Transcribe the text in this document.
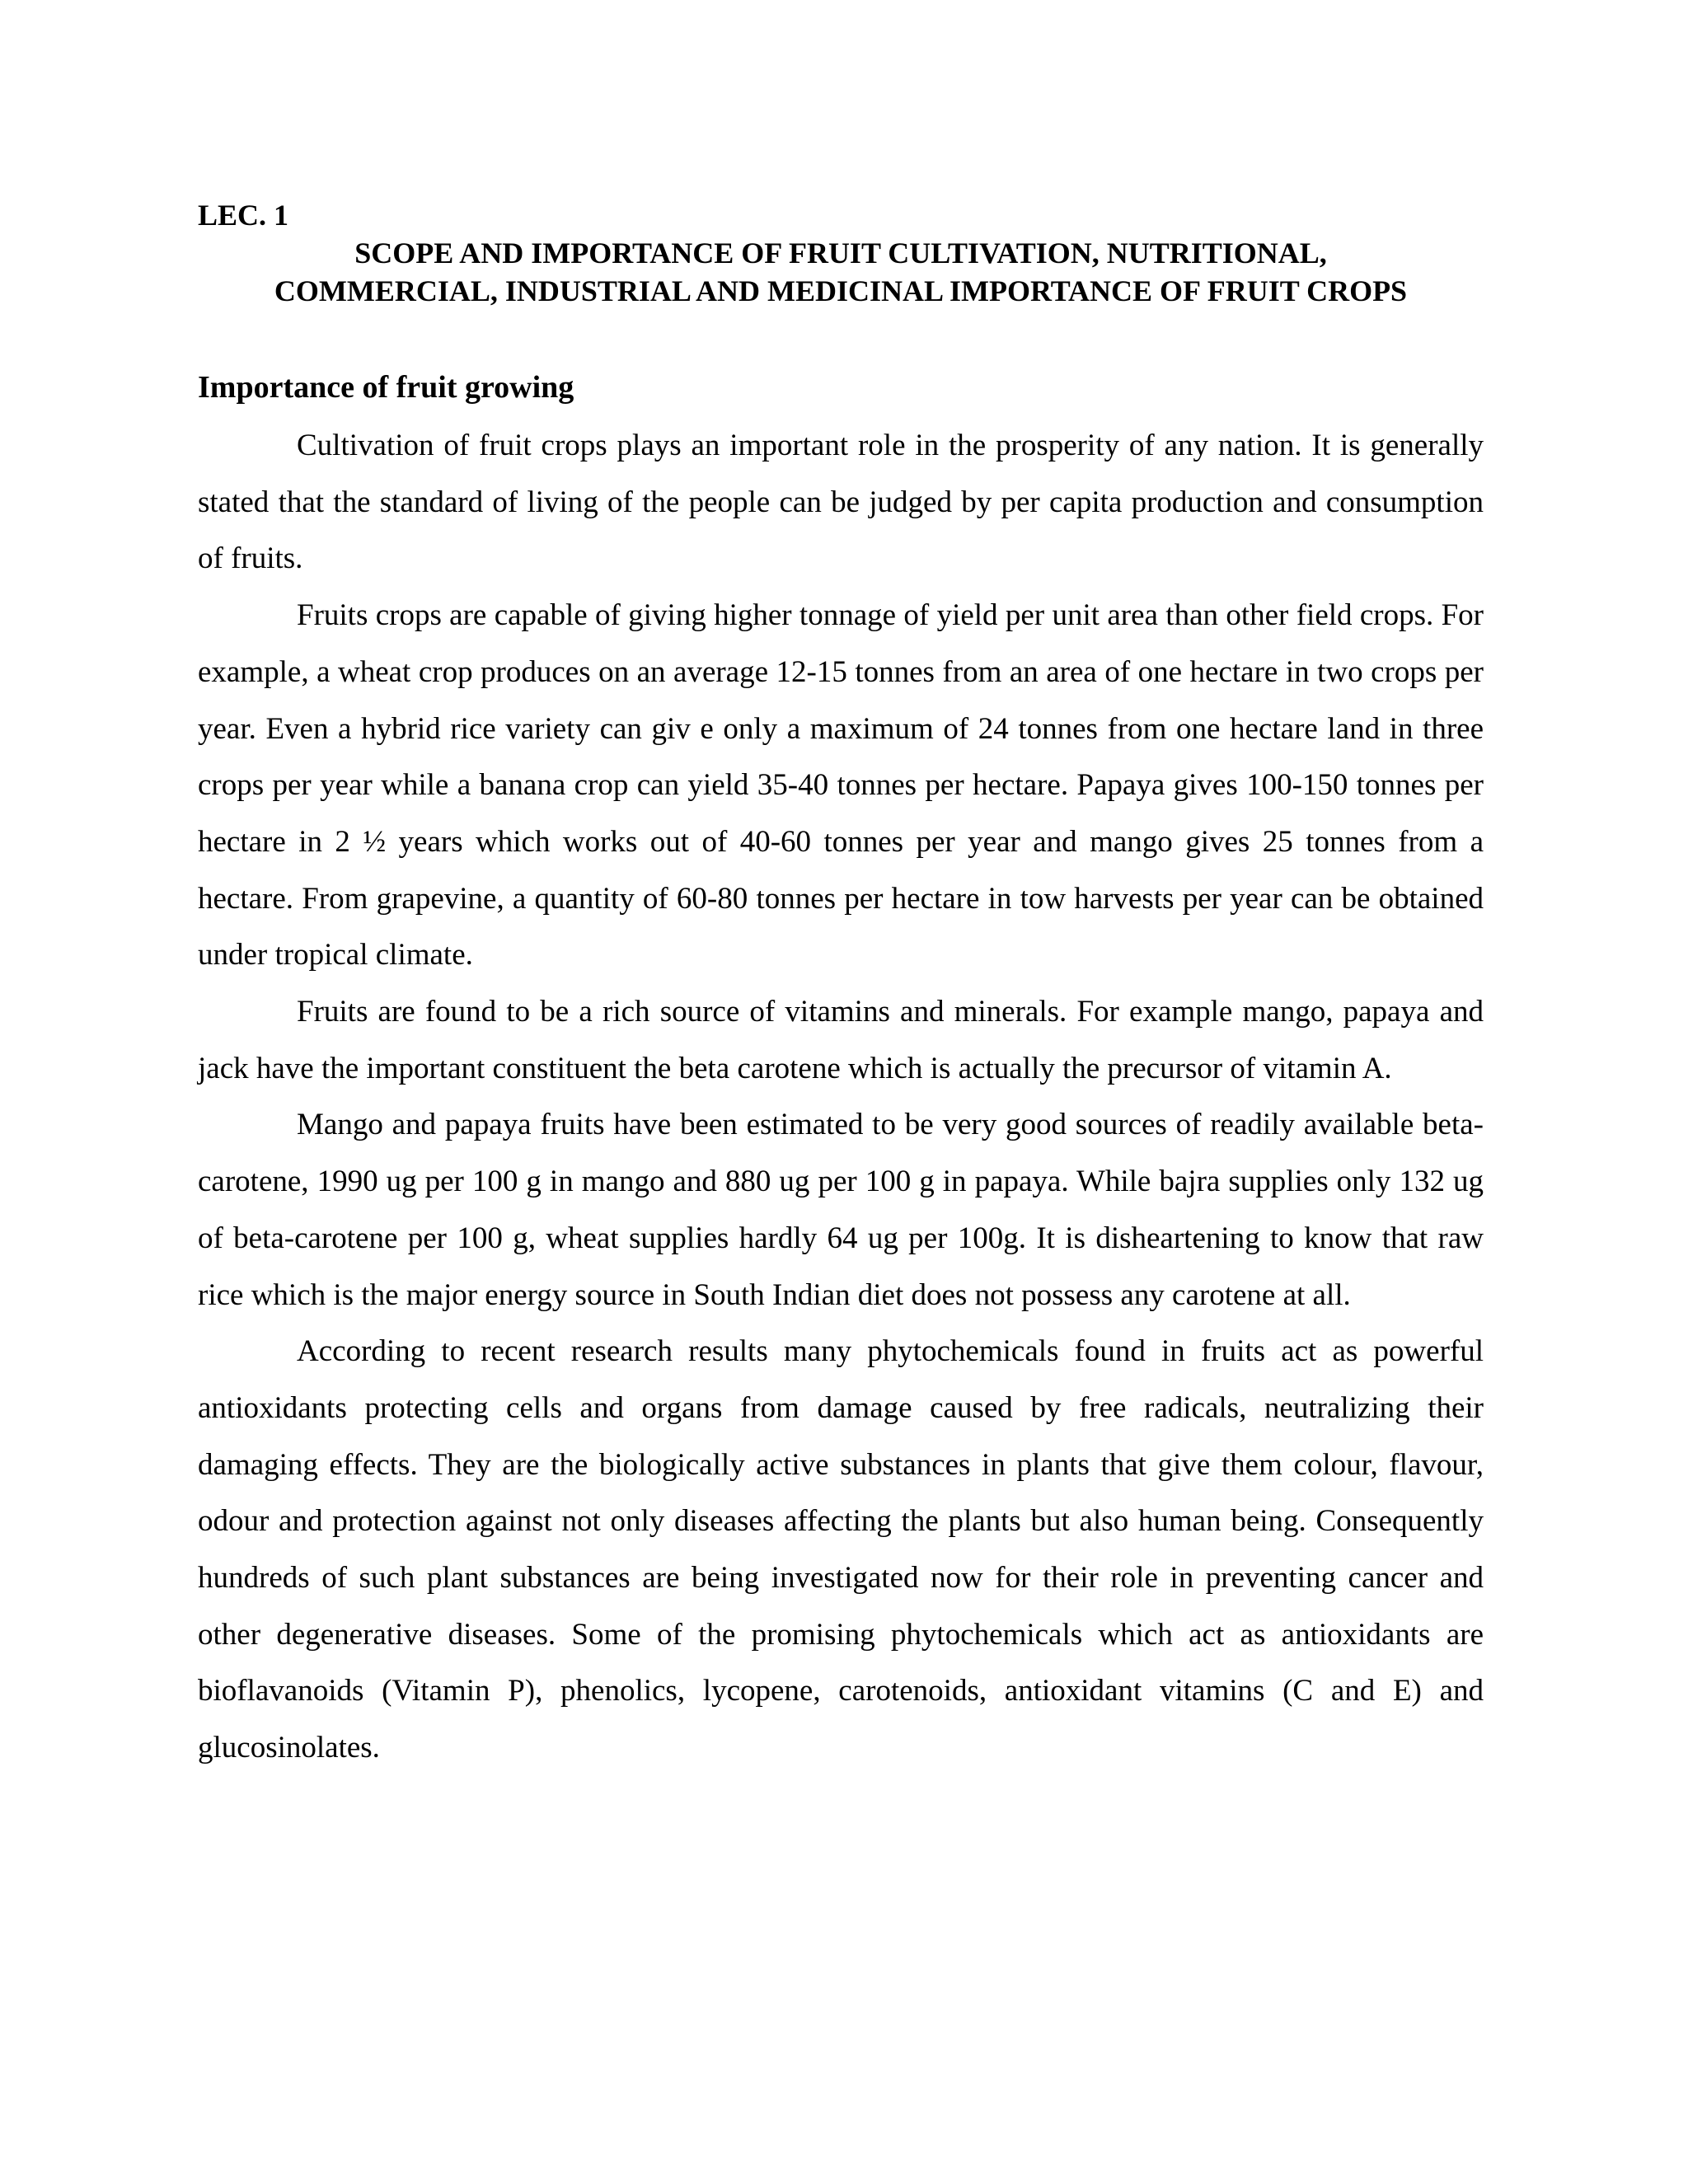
LEC. 1

SCOPE AND IMPORTANCE OF FRUIT CULTIVATION, NUTRITIONAL,
COMMERCIAL, INDUSTRIAL AND MEDICINAL IMPORTANCE OF FRUIT CROPS
Importance of fruit growing

Cultivation of fruit crops plays an important role in the prosperity of any nation. It is generally stated that the standard of living of the people can be judged by per capita production and consumption of fruits.

Fruits crops are capable of giving higher tonnage of yield per unit area than other field crops. For example, a wheat crop produces on an average 12-15 tonnes from an area of one hectare in two crops per year. Even a hybrid rice variety can giv e only a maximum of 24 tonnes from one hectare land in three crops per year while a banana crop can yield 35-40 tonnes per hectare. Papaya gives 100-150 tonnes per hectare in 2 ½ years which works out of 40-60 tonnes per year and mango gives 25 tonnes from a hectare. From grapevine, a quantity of 60-80 tonnes per hectare in tow harvests per year can be obtained under tropical climate.

Fruits are found to be a rich source of vitamins and minerals. For example mango, papaya and jack have the important constituent the beta carotene which is actually the precursor of vitamin A.

Mango and papaya fruits have been estimated to be very good sources of readily available beta-carotene, 1990 ug per 100 g in mango and 880 ug per 100 g in papaya. While bajra supplies only 132 ug of beta-carotene per 100 g, wheat supplies hardly 64 ug per 100g. It is disheartening to know that raw rice which is the major energy source in South Indian diet does not possess any carotene at all.

According to recent research results many phytochemicals found in fruits act as powerful antioxidants protecting cells and organs from damage caused by free radicals, neutralizing their damaging effects. They are the biologically active substances in plants that give them colour, flavour, odour and protection against not only diseases affecting the plants but also human being. Consequently hundreds of such plant substances are being investigated now for their role in preventing cancer and other degenerative diseases. Some of the promising phytochemicals which act as antioxidants are bioflavanoids (Vitamin P), phenolics, lycopene, carotenoids, antioxidant vitamins (C and E) and glucosinolates.
